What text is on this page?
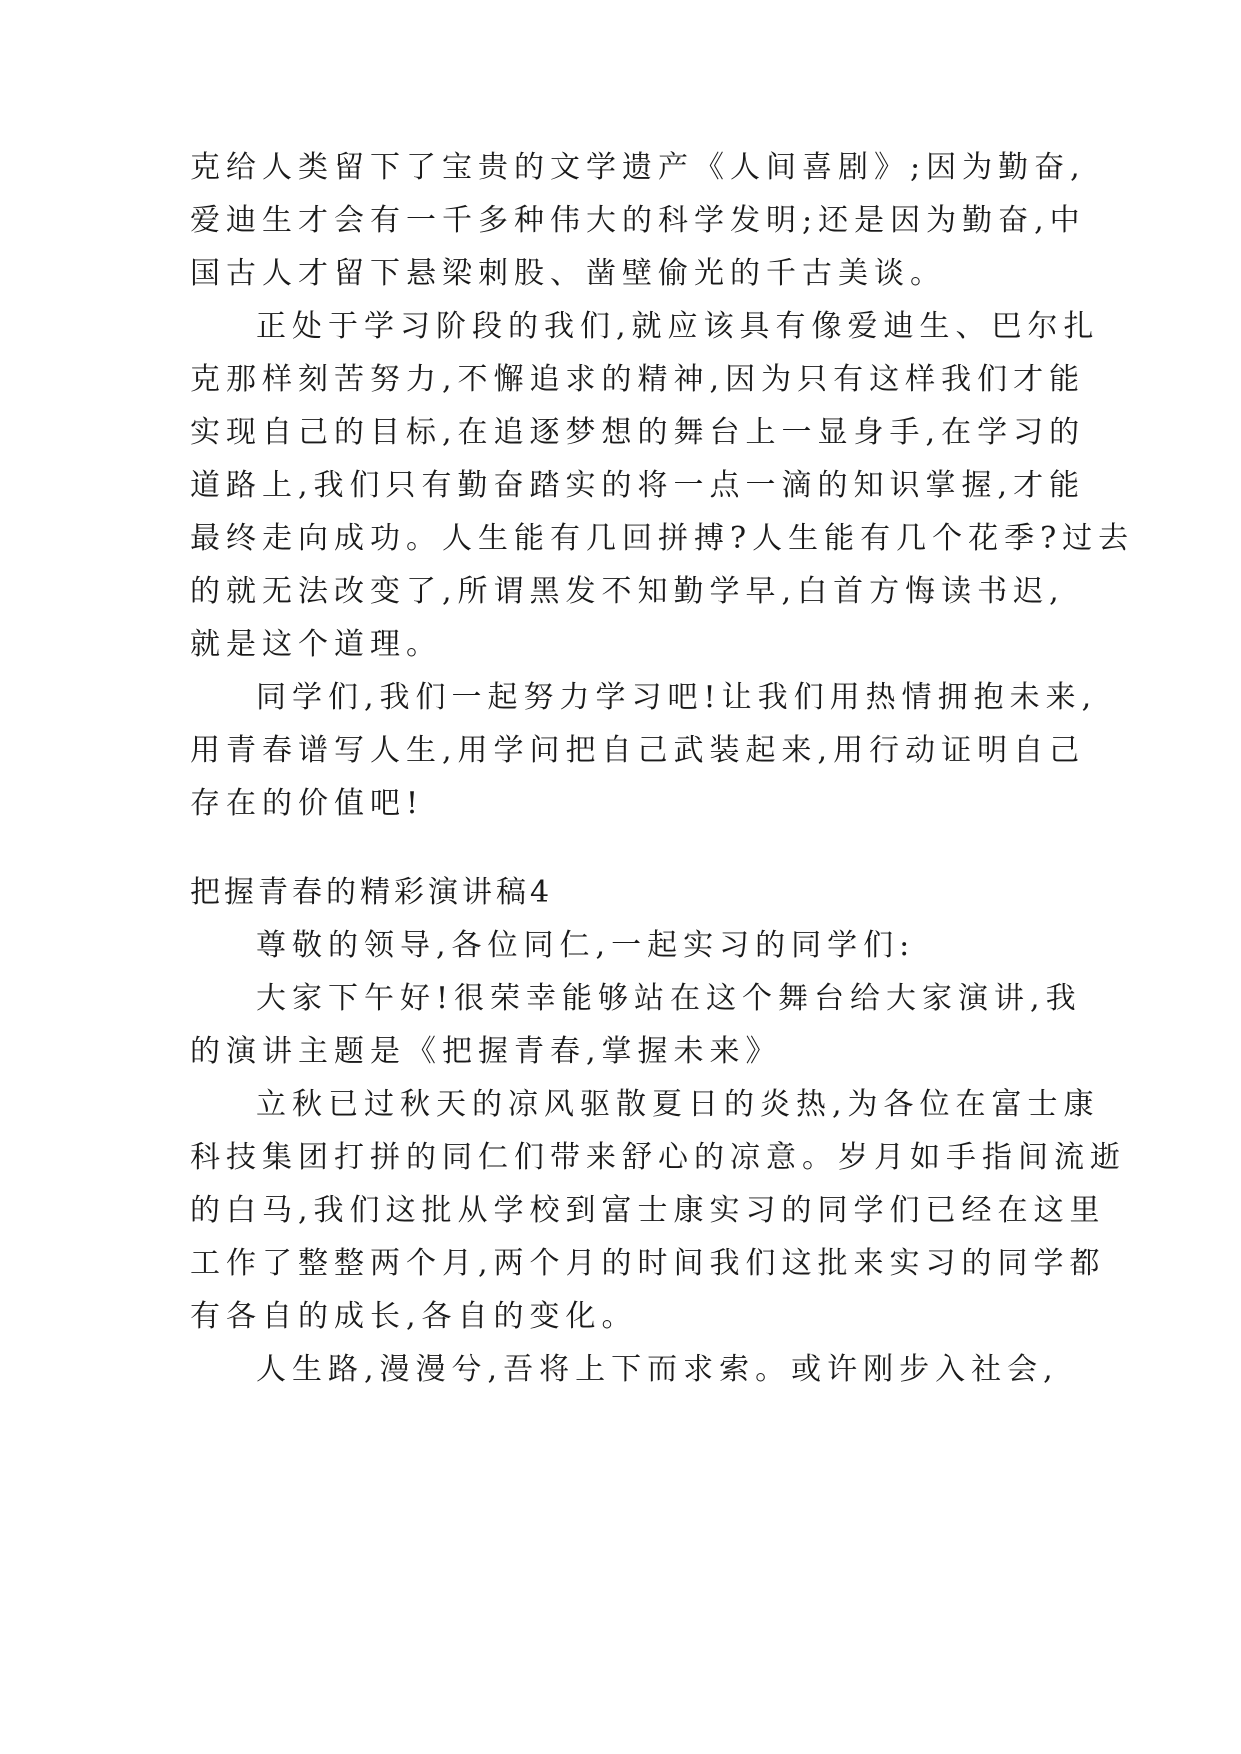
克给人类留下了宝贵的文学遗产《人间喜剧》;因为勤奋,
爱迪生才会有一千多种伟大的科学发明;还是因为勤奋,中
国古人才留下悬梁刺股、凿壁偷光的千古美谈。
正处于学习阶段的我们,就应该具有像爱迪生、巴尔扎
克那样刻苦努力,不懈追求的精神,因为只有这样我们才能
实现自己的目标,在追逐梦想的舞台上一显身手,在学习的
道路上,我们只有勤奋踏实的将一点一滴的知识掌握,才能
最终走向成功。人生能有几回拼搏?人生能有几个花季?过去
的就无法改变了,所谓黑发不知勤学早,白首方悔读书迟,
就是这个道理。
同学们,我们一起努力学习吧!让我们用热情拥抱未来,
用青春谱写人生,用学问把自己武装起来,用行动证明自己
存在的价值吧!
把握青春的精彩演讲稿4
尊敬的领导,各位同仁,一起实习的同学们:
大家下午好!很荣幸能够站在这个舞台给大家演讲,我
的演讲主题是《把握青春,掌握未来》
立秋已过秋天的凉风驱散夏日的炎热,为各位在富士康
科技集团打拼的同仁们带来舒心的凉意。岁月如手指间流逝
的白马,我们这批从学校到富士康实习的同学们已经在这里
工作了整整两个月,两个月的时间我们这批来实习的同学都
有各自的成长,各自的变化。
人生路,漫漫兮,吾将上下而求索。或许刚步入社会,
